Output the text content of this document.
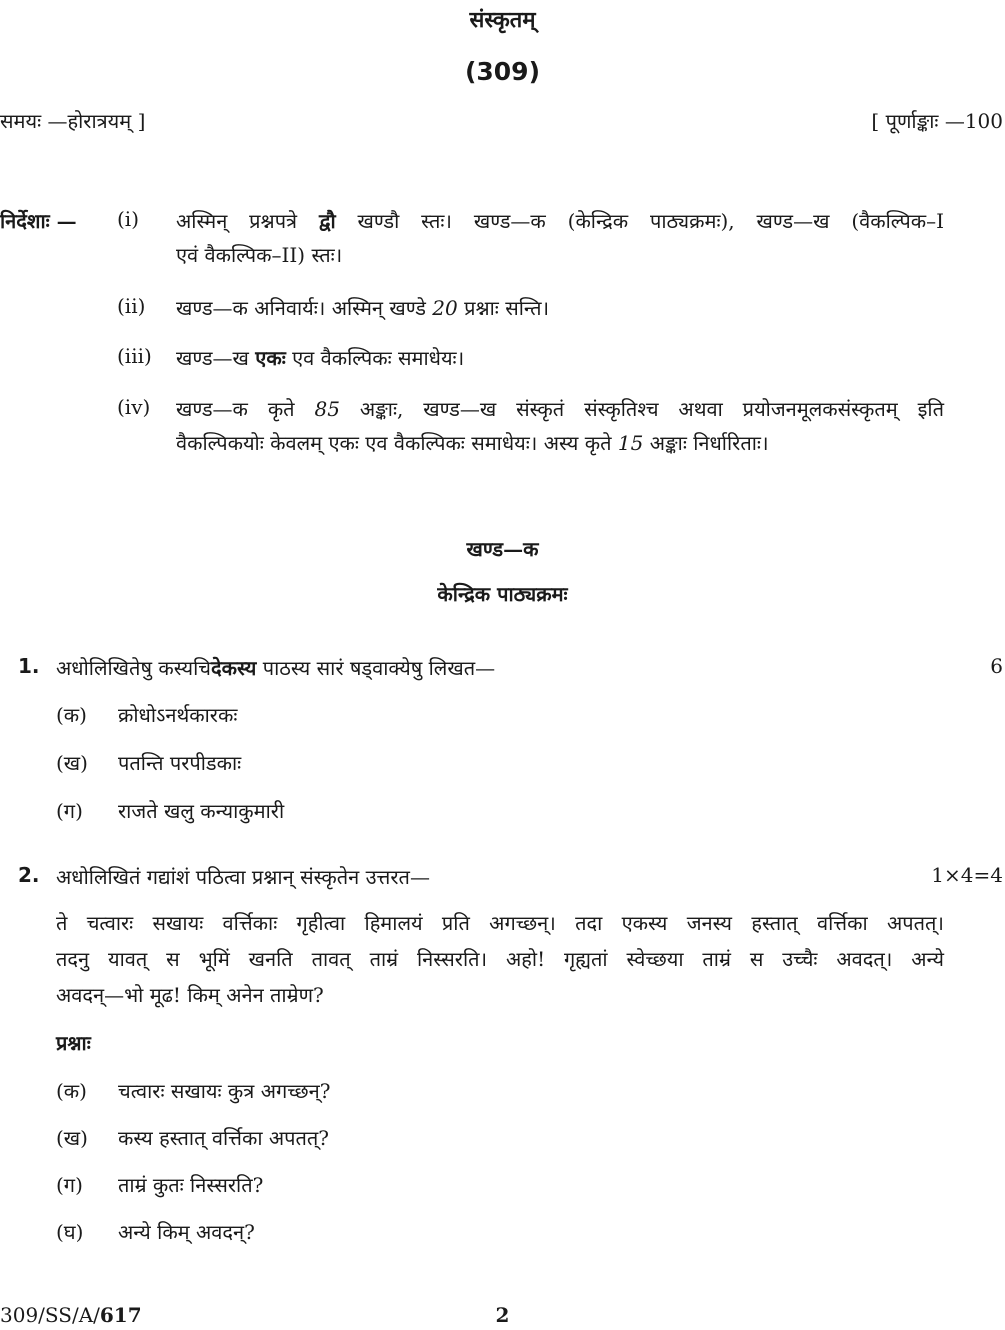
संस्कृतम्
(309)
समयः —होरात्रयम् ]	[ पूर्णाङ्काः —100
निर्देशाः — (i) अस्मिन् प्रश्नपत्रे द्वौ खण्डौ स्तः। खण्ड—क (केन्द्रिक पाठ्यक्रमः), खण्ड—ख (वैकल्पिक–I
एवं वैकल्पिक–II) स्तः।
(ii) खण्ड—क अनिवार्यः। अस्मिन् खण्डे 20 प्रश्नाः सन्ति।
(iii) खण्ड—ख एकः एव वैकल्पिकः समाधेयः।
(iv) खण्ड—क कृते 85 अङ्काः, खण्ड—ख संस्कृतं संस्कृतिश्च अथवा प्रयोजनमूलकसंस्कृतम् इति
वैकल्पिकयोः केवलम् एकः एव वैकल्पिकः समाधेयः। अस्य कृते 15 अङ्काः निर्धारिताः।
खण्ड—क
केन्द्रिक पाठ्यक्रमः
1. अधोलिखितेषु कस्यचिदेकस्य पाठस्य सारं षड्वाक्येषु लिखत—	6
(क) क्रोधोऽनर्थकारकः
(ख) पतन्ति परपीडकाः
(ग) राजते खलु कन्याकुमारी
2. अधोलिखितं गद्यांशं पठित्वा प्रश्नान् संस्कृतेन उत्तरत—	1×4=4
ते चत्वारः सखायः वर्त्तिकाः गृहीत्वा हिमालयं प्रति अगच्छन्। तदा एकस्य जनस्य हस्तात् वर्त्तिका अपतत्।
तदनु यावत् स भूमिं खनति तावत् ताम्रं निस्सरति। अहो! गृह्यतां स्वेच्छया ताम्रं स उच्चैः अवदत्। अन्ये
अवदन्—भो मूढ! किम् अनेन ताम्रेण?
प्रश्नाः
(क) चत्वारः सखायः कुत्र अगच्छन्?
(ख) कस्य हस्तात् वर्त्तिका अपतत्?
(ग) ताम्रं कुतः निस्सरति?
(घ) अन्ये किम् अवदन्?
309/SS/A/617	2
